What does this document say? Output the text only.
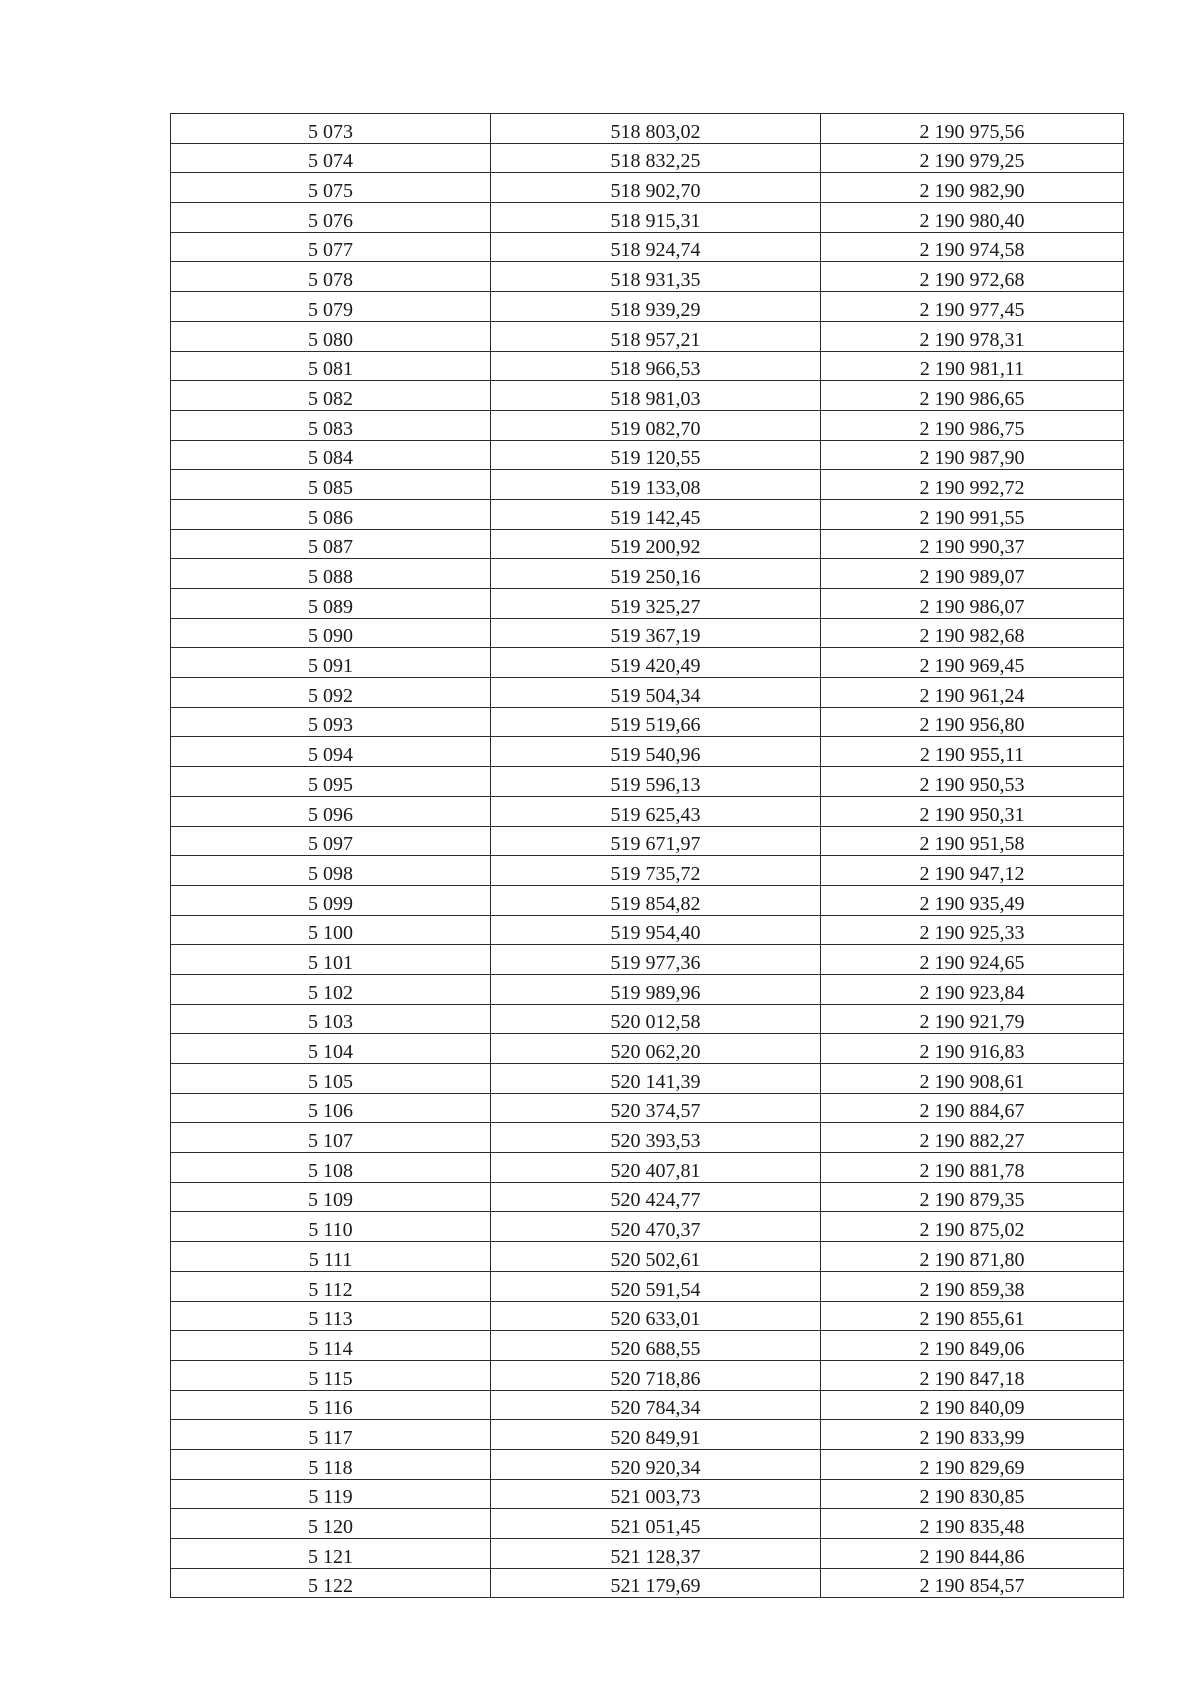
5 073	518 803,02	2 190 975,56
5 074	518 832,25	2 190 979,25
5 075	518 902,70	2 190 982,90
5 076	518 915,31	2 190 980,40
5 077	518 924,74	2 190 974,58
5 078	518 931,35	2 190 972,68
5 079	518 939,29	2 190 977,45
5 080	518 957,21	2 190 978,31
5 081	518 966,53	2 190 981,11
5 082	518 981,03	2 190 986,65
5 083	519 082,70	2 190 986,75
5 084	519 120,55	2 190 987,90
5 085	519 133,08	2 190 992,72
5 086	519 142,45	2 190 991,55
5 087	519 200,92	2 190 990,37
5 088	519 250,16	2 190 989,07
5 089	519 325,27	2 190 986,07
5 090	519 367,19	2 190 982,68
5 091	519 420,49	2 190 969,45
5 092	519 504,34	2 190 961,24
5 093	519 519,66	2 190 956,80
5 094	519 540,96	2 190 955,11
5 095	519 596,13	2 190 950,53
5 096	519 625,43	2 190 950,31
5 097	519 671,97	2 190 951,58
5 098	519 735,72	2 190 947,12
5 099	519 854,82	2 190 935,49
5 100	519 954,40	2 190 925,33
5 101	519 977,36	2 190 924,65
5 102	519 989,96	2 190 923,84
5 103	520 012,58	2 190 921,79
5 104	520 062,20	2 190 916,83
5 105	520 141,39	2 190 908,61
5 106	520 374,57	2 190 884,67
5 107	520 393,53	2 190 882,27
5 108	520 407,81	2 190 881,78
5 109	520 424,77	2 190 879,35
5 110	520 470,37	2 190 875,02
5 111	520 502,61	2 190 871,80
5 112	520 591,54	2 190 859,38
5 113	520 633,01	2 190 855,61
5 114	520 688,55	2 190 849,06
5 115	520 718,86	2 190 847,18
5 116	520 784,34	2 190 840,09
5 117	520 849,91	2 190 833,99
5 118	520 920,34	2 190 829,69
5 119	521 003,73	2 190 830,85
5 120	521 051,45	2 190 835,48
5 121	521 128,37	2 190 844,86
5 122	521 179,69	2 190 854,57
